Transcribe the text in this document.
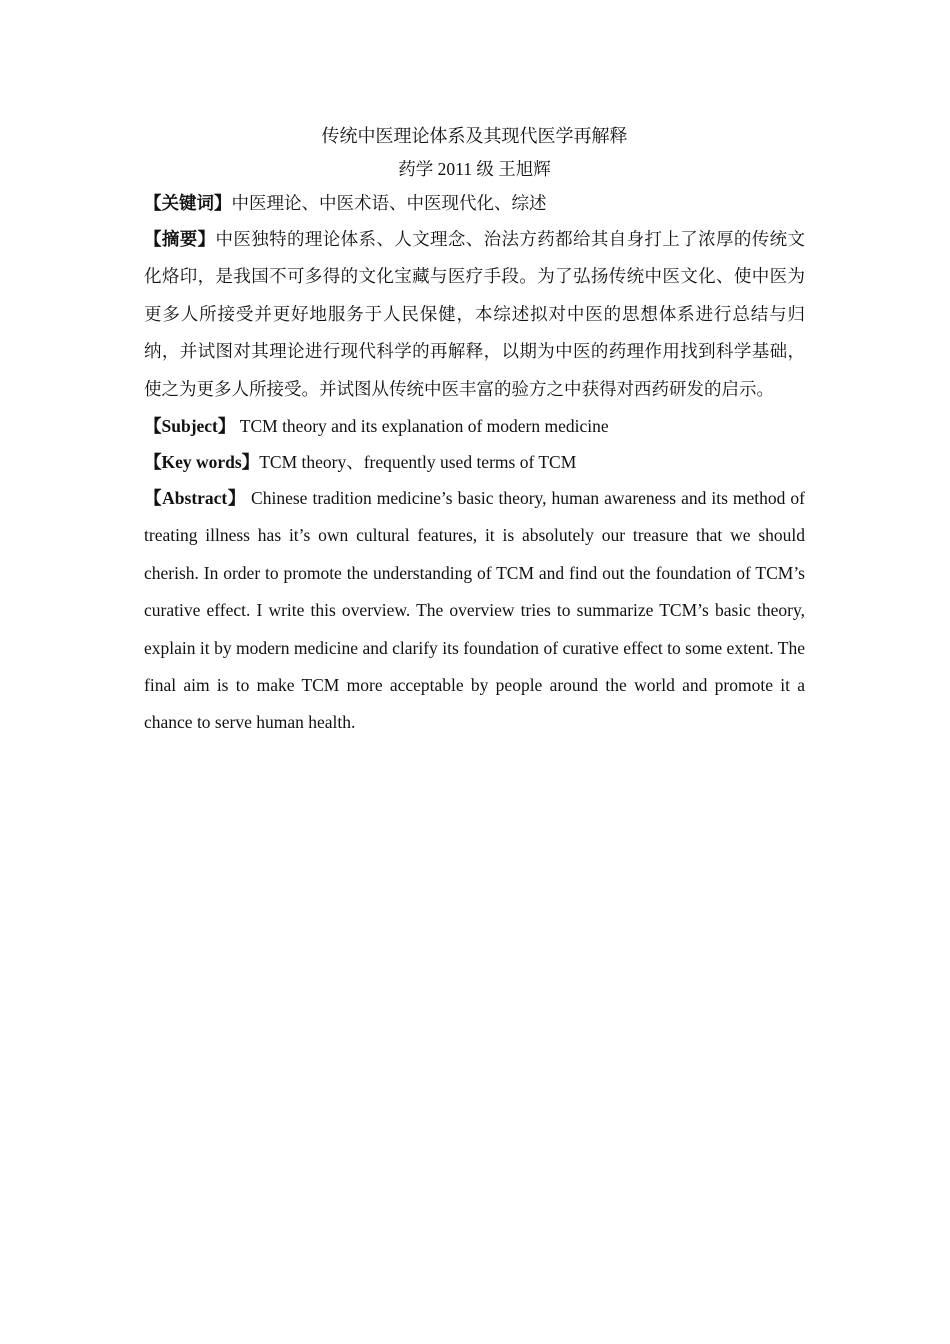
传统中医理论体系及其现代医学再解释

药学 2011 级 王旭辉

【关键词】中医理论、中医术语、中医现代化、综述

【摘要】中医独特的理论体系、人文理念、治法方药都给其自身打上了浓厚的传统文化烙印，是我国不可多得的文化宝藏与医疗手段。为了弘扬传统中医文化、使中医为更多人所接受并更好地服务于人民保健，本综述拟对中医的思想体系进行总结与归纳，并试图对其理论进行现代科学的再解释，以期为中医的药理作用找到科学基础，使之为更多人所接受。并试图从传统中医丰富的验方之中获得对西药研发的启示。

【Subject】 TCM theory and its explanation of modern medicine

【Key words】TCM theory、frequently used terms of TCM

【Abstract】 Chinese tradition medicine’s basic theory, human awareness and its method of treating illness has it’s own cultural features, it is absolutely our treasure that we should cherish. In order to promote the understanding of TCM and find out the foundation of TCM’s curative effect. I write this overview. The overview tries to summarize TCM’s basic theory, explain it by modern medicine and clarify its foundation of curative effect to some extent. The final aim is to make TCM more acceptable by people around the world and promote it a chance to serve human health.
